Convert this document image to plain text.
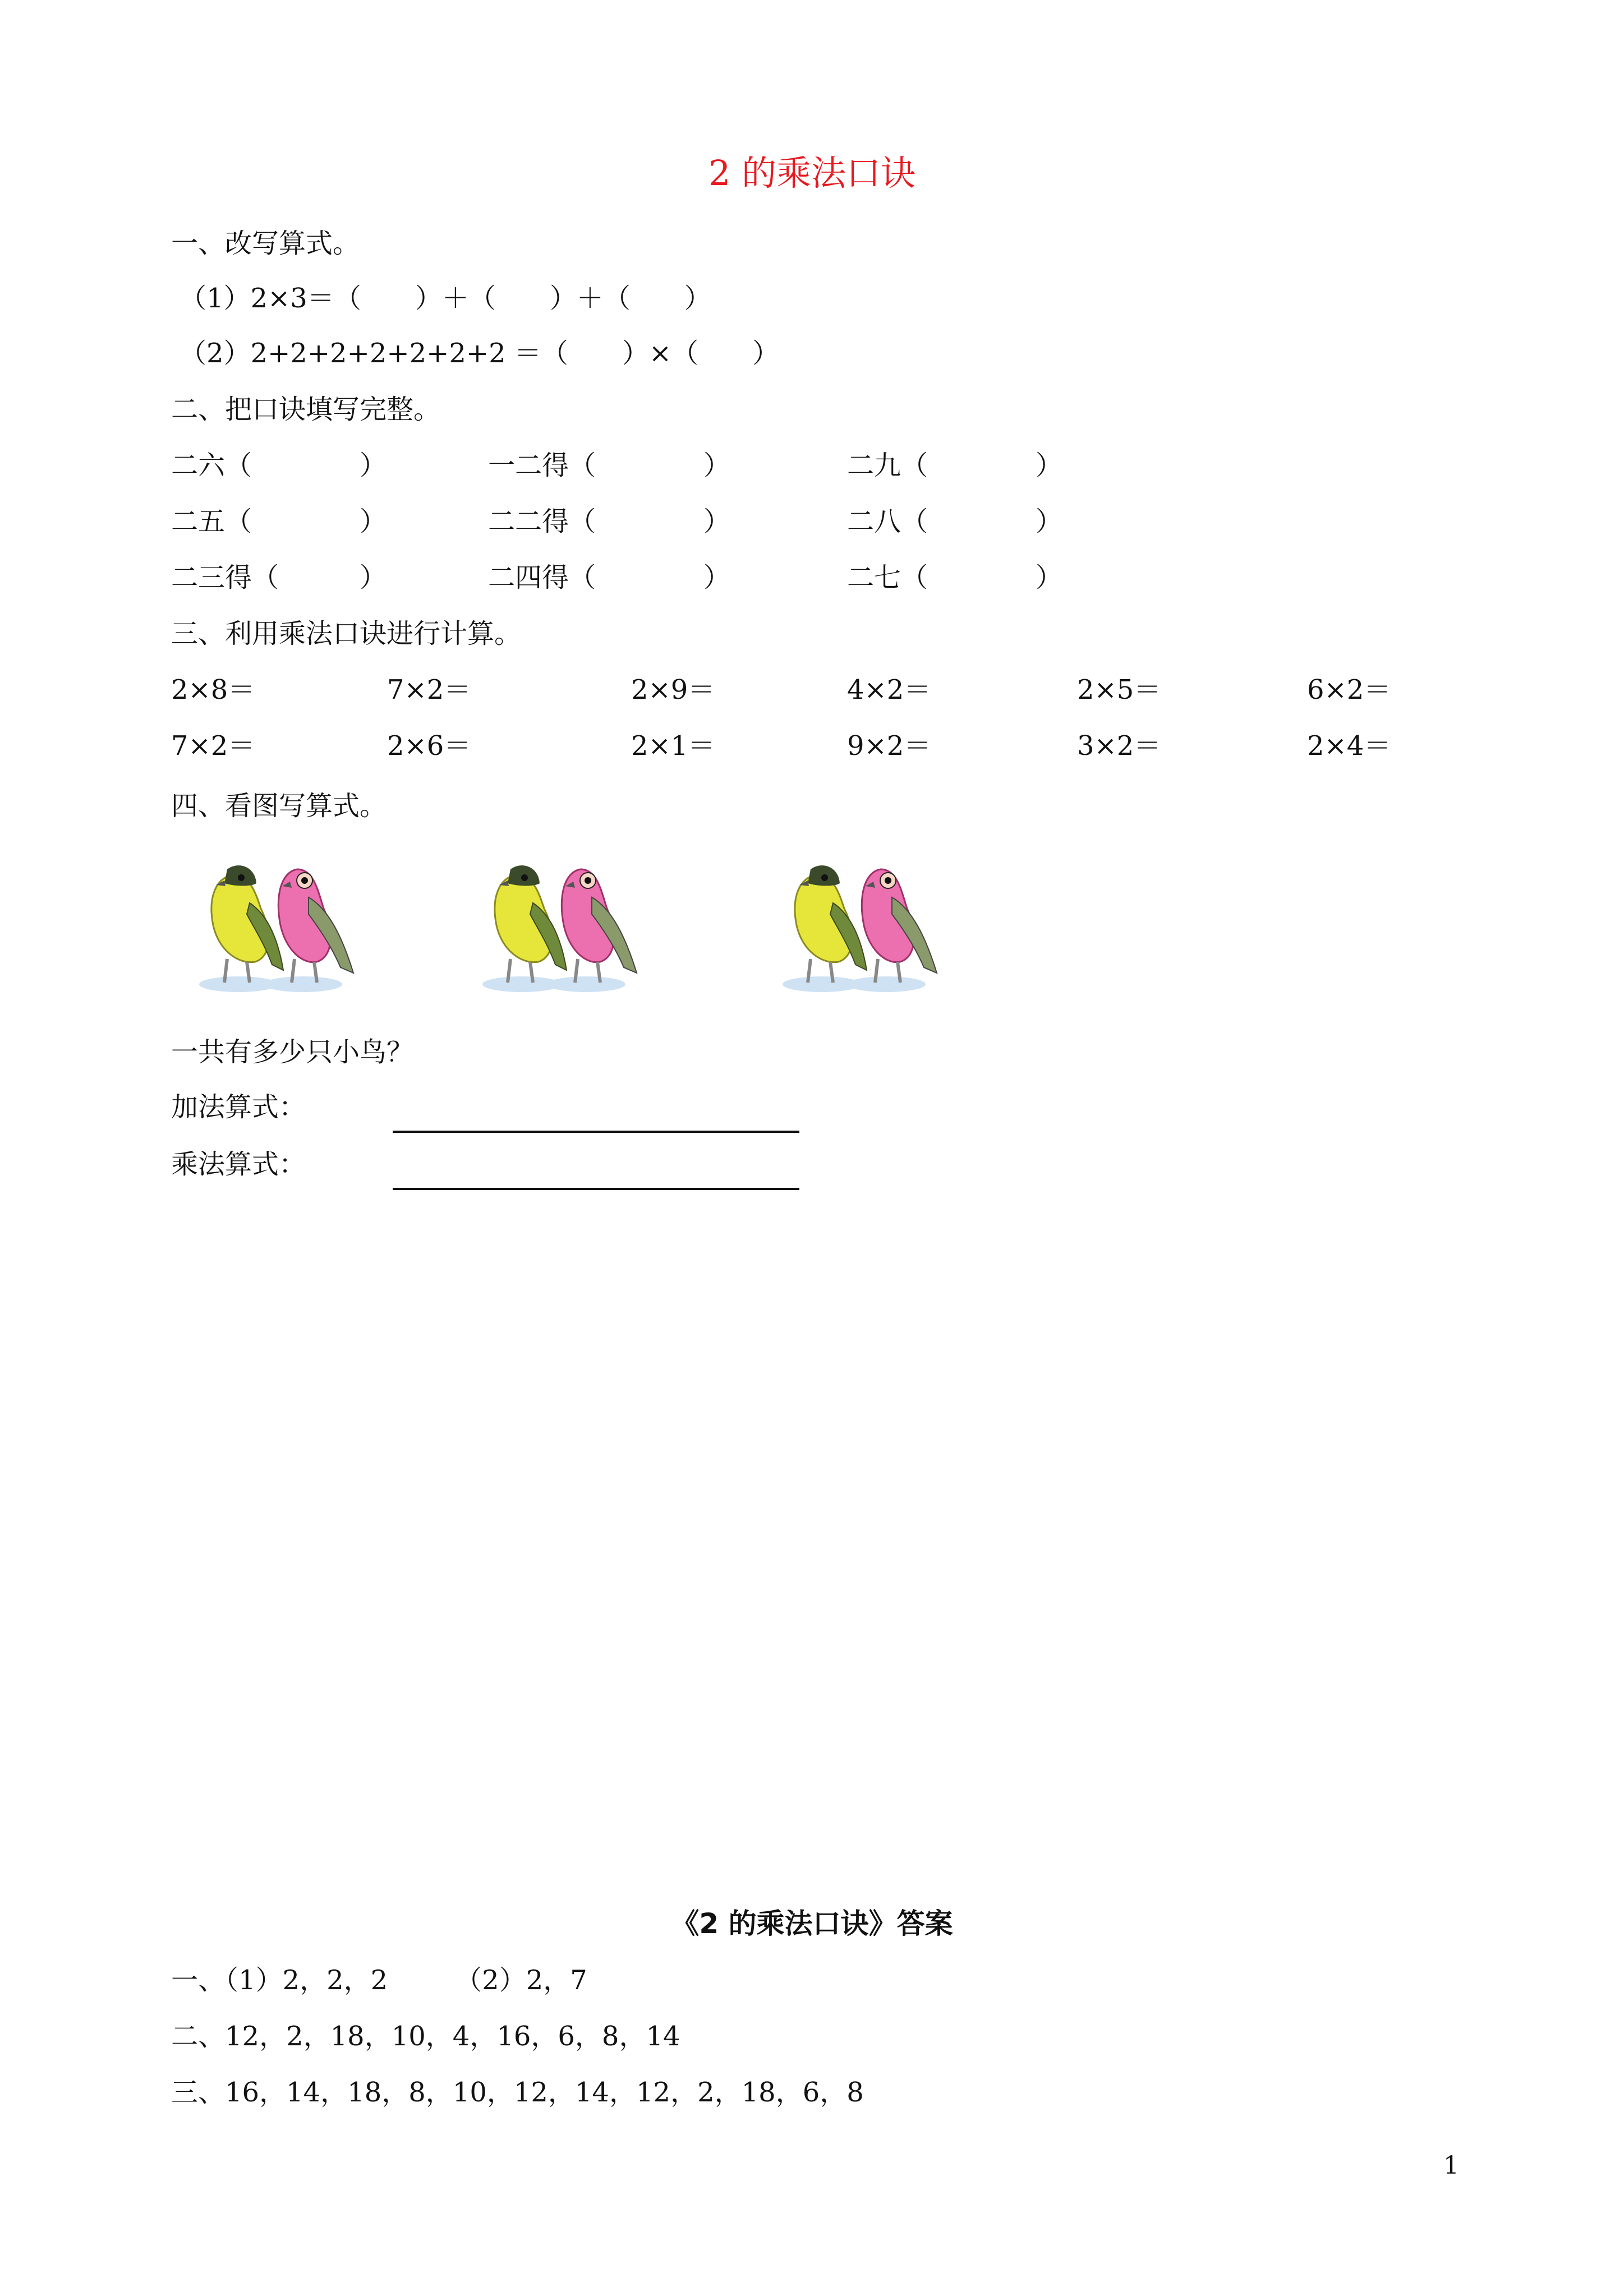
2 的乘法口诀
一、改写算式。
（1）2×3＝（　　）＋（　　）＋（　　）
（2）2+2+2+2+2+2+2 ＝（　　）×（　　）
二、把口诀填写完整。
二六（　　　　）	一二得（　　　　）	二九（　　　　）
二五（　　　　）	二二得（　　　　）	二八（　　　　）
二三得（　　　）	二四得（　　　　）	二七（　　　　）
三、利用乘法口诀进行计算。
2×8＝	7×2＝	2×9＝	4×2＝	2×5＝	6×2＝
7×2＝	2×6＝	2×1＝	9×2＝	3×2＝	2×4＝
四、看图写算式。
一共有多少只小鸟？
加法算式：
乘法算式：
《2 的乘法口诀》答案
一、（1）2，2，2　　　（2）2，7
二、12，2，18，10，4，16，6，8，14
三、16，14，18，8，10，12，14，12，2，18，6，8
1
